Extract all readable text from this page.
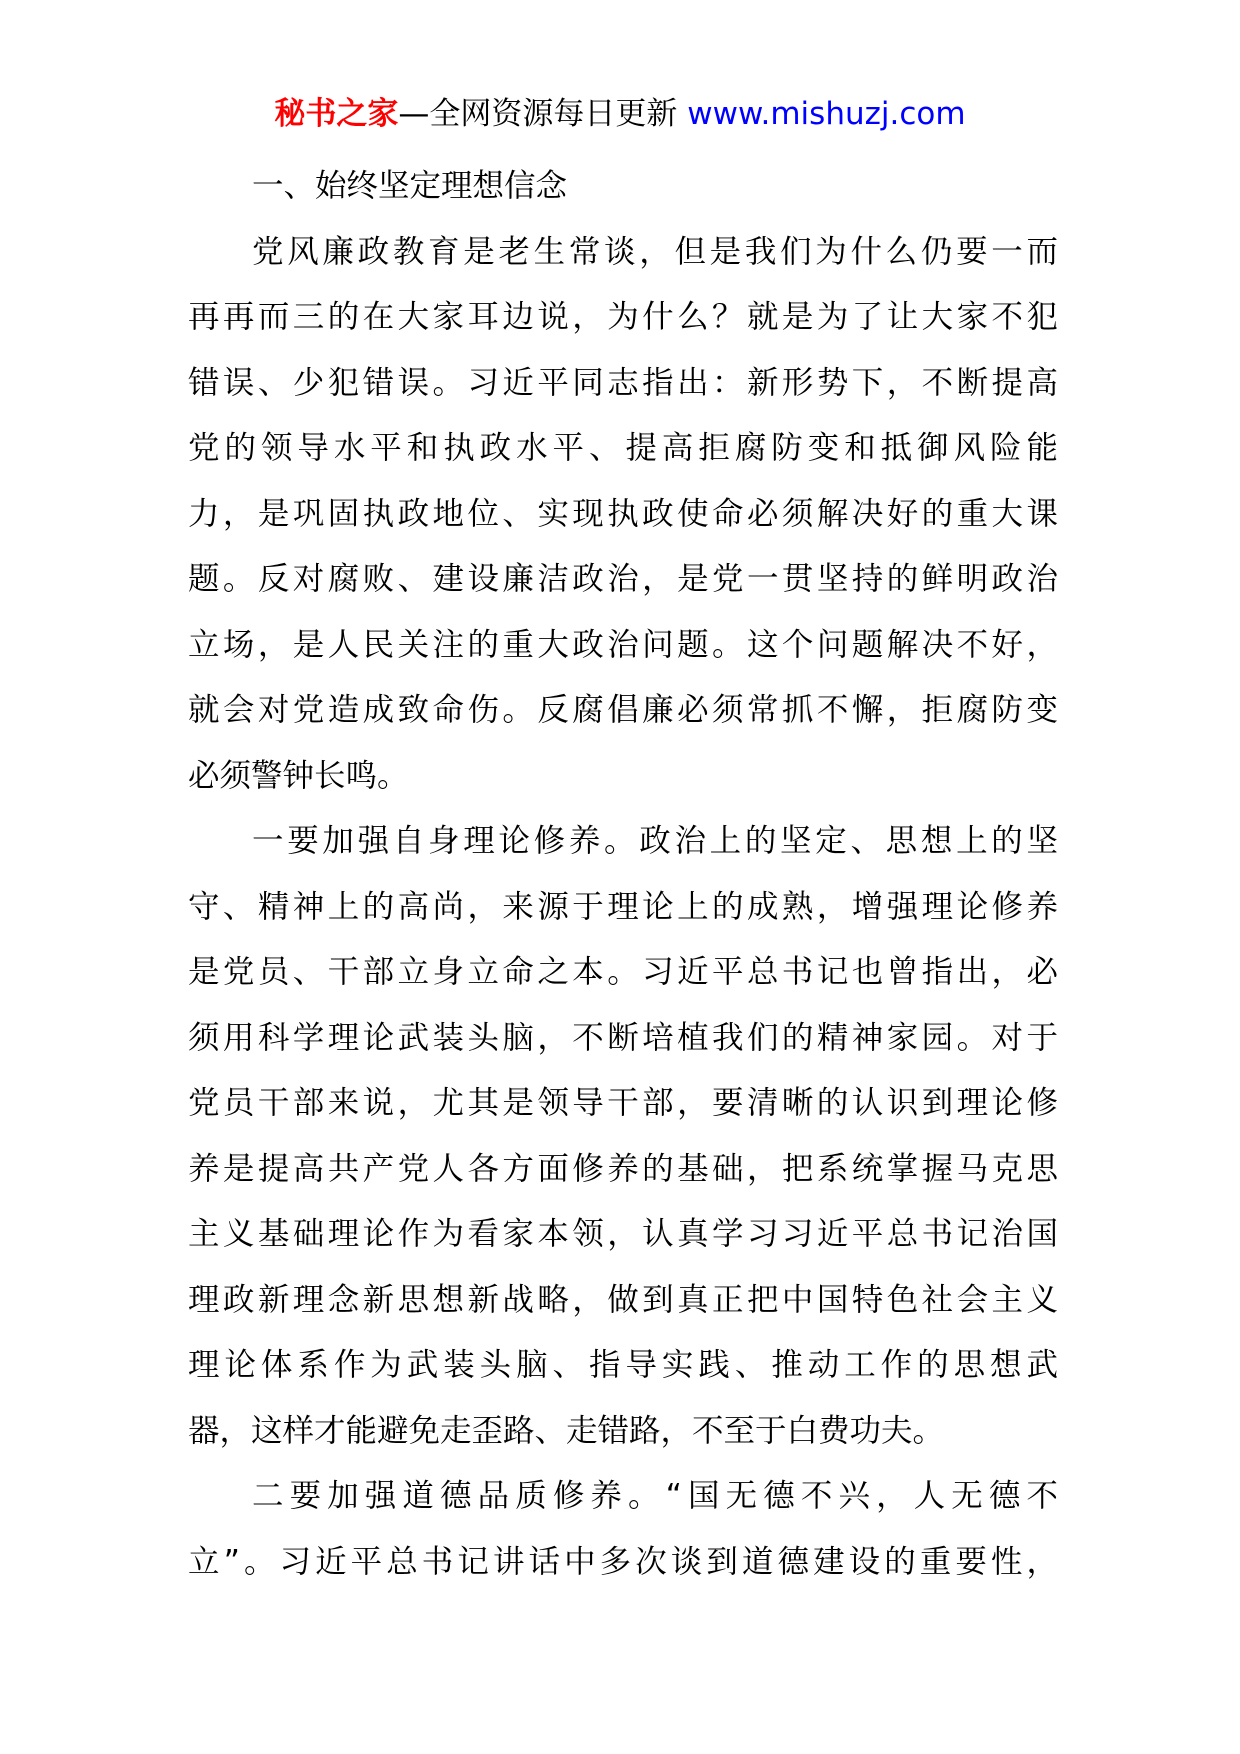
秘书之家—全网资源每日更新 www.mishuzj.com
一、始终坚定理想信念
党风廉政教育是老生常谈，但是我们为什么仍要一而
再再而三的在大家耳边说，为什么？就是为了让大家不犯
错误、少犯错误。习近平同志指出：新形势下，不断提高
党的领导水平和执政水平、提高拒腐防变和抵御风险能
力，是巩固执政地位、实现执政使命必须解决好的重大课
题。反对腐败、建设廉洁政治，是党一贯坚持的鲜明政治
立场，是人民关注的重大政治问题。这个问题解决不好，
就会对党造成致命伤。反腐倡廉必须常抓不懈，拒腐防变
必须警钟长鸣。
一要加强自身理论修养。政治上的坚定、思想上的坚
守、精神上的高尚，来源于理论上的成熟，增强理论修养
是党员、干部立身立命之本。习近平总书记也曾指出，必
须用科学理论武装头脑，不断培植我们的精神家园。对于
党员干部来说，尤其是领导干部，要清晰的认识到理论修
养是提高共产党人各方面修养的基础，把系统掌握马克思
主义基础理论作为看家本领，认真学习习近平总书记治国
理政新理念新思想新战略，做到真正把中国特色社会主义
理论体系作为武装头脑、指导实践、推动工作的思想武
器，这样才能避免走歪路、走错路，不至于白费功夫。
二要加强道德品质修养。“国无德不兴，人无德不
立”。习近平总书记讲话中多次谈到道德建设的重要性，
